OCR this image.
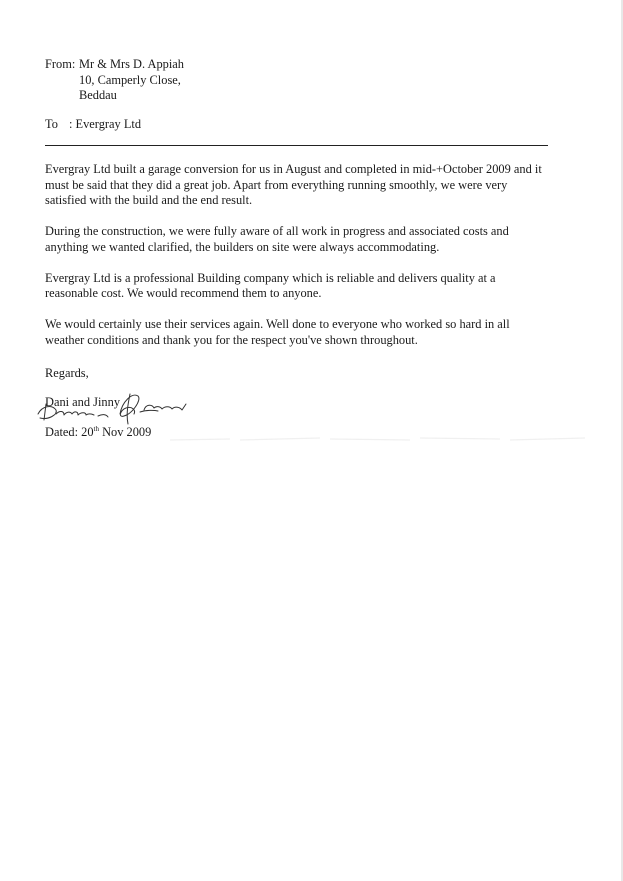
From: Mr & Mrs D. Appiah
10, Camperly Close,
Beddau
To : Evergray Ltd

Evergray Ltd built a garage conversion for us in August and completed in mid-+October 2009 and it must be said that they did a great job. Apart from everything running smoothly, we were very satisfied with the build and the end result.

During the construction, we were fully aware of all work in progress and associated costs and anything we wanted clarified, the builders on site were always accommodating.

Evergray Ltd is a professional Building company which is reliable and delivers quality at a reasonable cost. We would recommend them to anyone.

We would certainly use their services again. Well done to everyone who worked so hard in all weather conditions and thank you for the respect you've shown throughout.

Regards,
Dani and Jinny
Dated: 20th Nov 2009
